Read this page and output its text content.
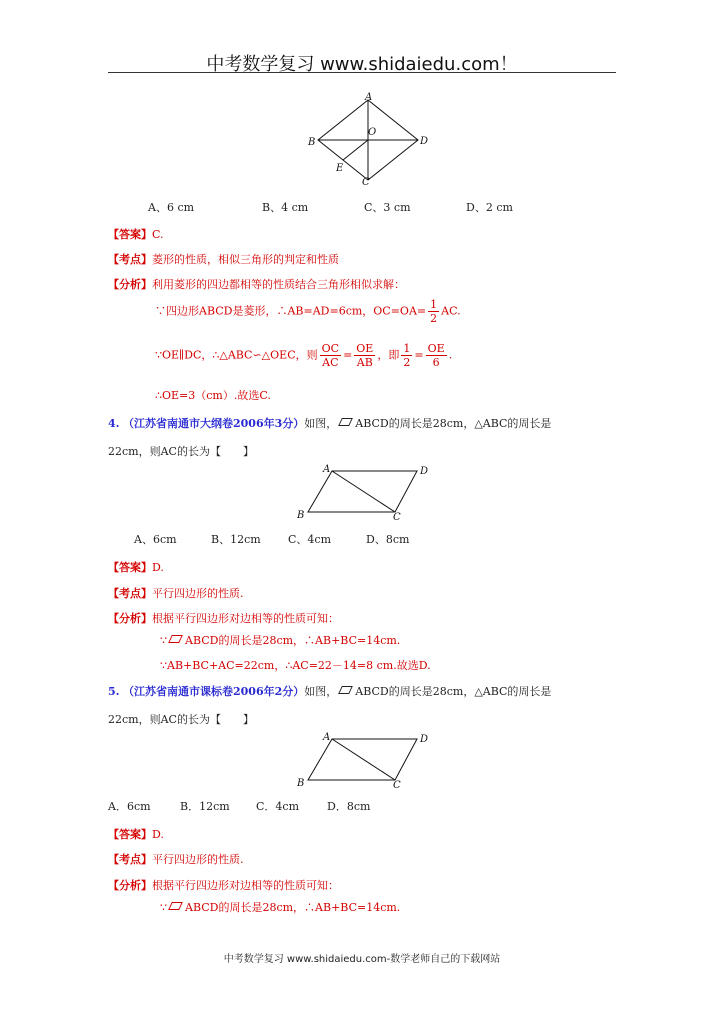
中考数学复习 www.shidaiedu.com！
A
B
O
D
E
C
A、6 cm	B、4 cm	C、3 cm	D、2 cm
【答案】C.
【考点】菱形的性质，相似三角形的判定和性质
【分析】利用菱形的四边都相等的性质结合三角形相似求解：
∵四边形ABCD是菱形，∴AB=AD=6cm，$OC=OA= \frac{1}{2}$ AC.
∵OE∥DC，∴△ABC∽△OEC，则 $\frac{OC}{AC} = \frac{OE}{AB}$ ，即 $\frac{1}{2} = \frac{OE}{6}$ .
∴OE=3（cm）.故选C.
4. （江苏省南通市大纲卷2006年3分）如图， ABCD的周长是28cm，△ABC的周长是
22cm，则AC的长为【　　】
A	D
B	C
A、6cm	B、12cm C、4cm	D、8cm
【答案】D.
【考点】平行四边形的性质.
【分析】根据平行四边形对边相等的性质可知：
∵ ABCD的周长是28cm，∴AB+BC=14cm.
∵AB+BC+AC=22cm，∴AC=22－14=8 cm.故选D.
5. （江苏省南通市课标卷2006年2分）如图， ABCD的周长是28cm，△ABC的周长是
22cm，则AC的长为【　　】
A	D
B	C
A．6cm	B．12cm C．4cm	D．8cm
【答案】D.
【考点】平行四边形的性质.
【分析】根据平行四边形对边相等的性质可知：
∵ ABCD的周长是28cm，∴AB+BC=14cm.
中考数学复习 www.shidaiedu.com-数学老师自己的下载网站
